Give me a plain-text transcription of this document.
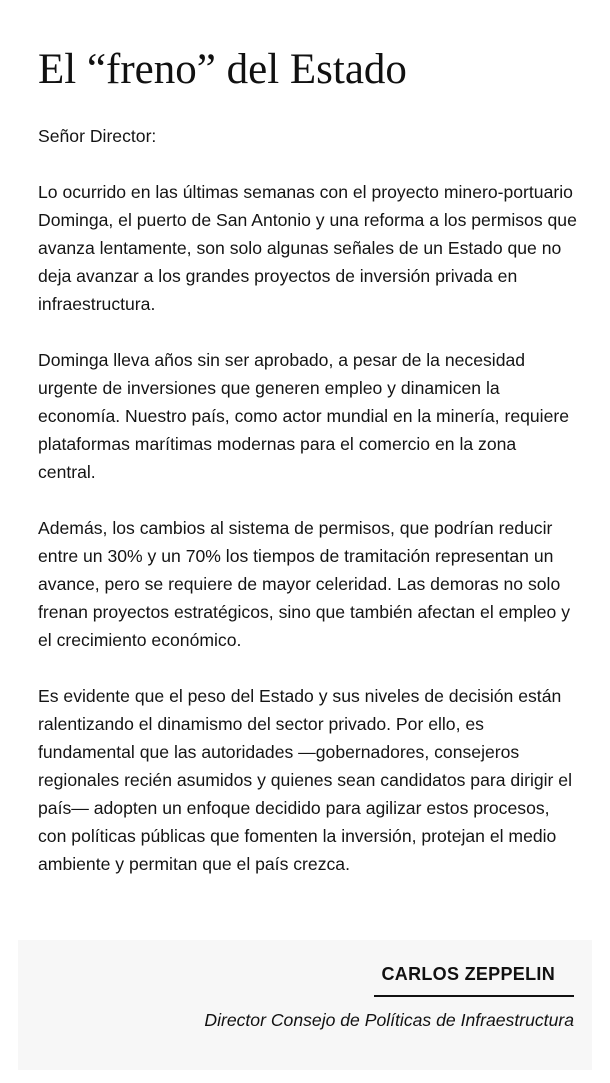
El “freno” del Estado

Señor Director:

Lo ocurrido en las últimas semanas con el proyecto minero-portuario Dominga, el puerto de San Antonio y una reforma a los permisos que avanza lentamente, son solo algunas señales de un Estado que no deja avanzar a los grandes proyectos de inversión privada en infraestructura.

Dominga lleva años sin ser aprobado, a pesar de la necesidad urgente de inversiones que generen empleo y dinamicen la economía. Nuestro país, como actor mundial en la minería, requiere plataformas marítimas modernas para el comercio en la zona central.

Además, los cambios al sistema de permisos, que podrían reducir entre un 30% y un 70% los tiempos de tramitación representan un avance, pero se requiere de mayor celeridad. Las demoras no solo frenan proyectos estratégicos, sino que también afectan el empleo y el crecimiento económico.

Es evidente que el peso del Estado y sus niveles de decisión están ralentizando el dinamismo del sector privado. Por ello, es fundamental que las autoridades —gobernadores, consejeros regionales recién asumidos y quienes sean candidatos para dirigir el país— adopten un enfoque decidido para agilizar estos procesos, con políticas públicas que fomenten la inversión, protejan el medio ambiente y permitan que el país crezca.

CARLOS ZEPPELIN
Director Consejo de Políticas de Infraestructura
